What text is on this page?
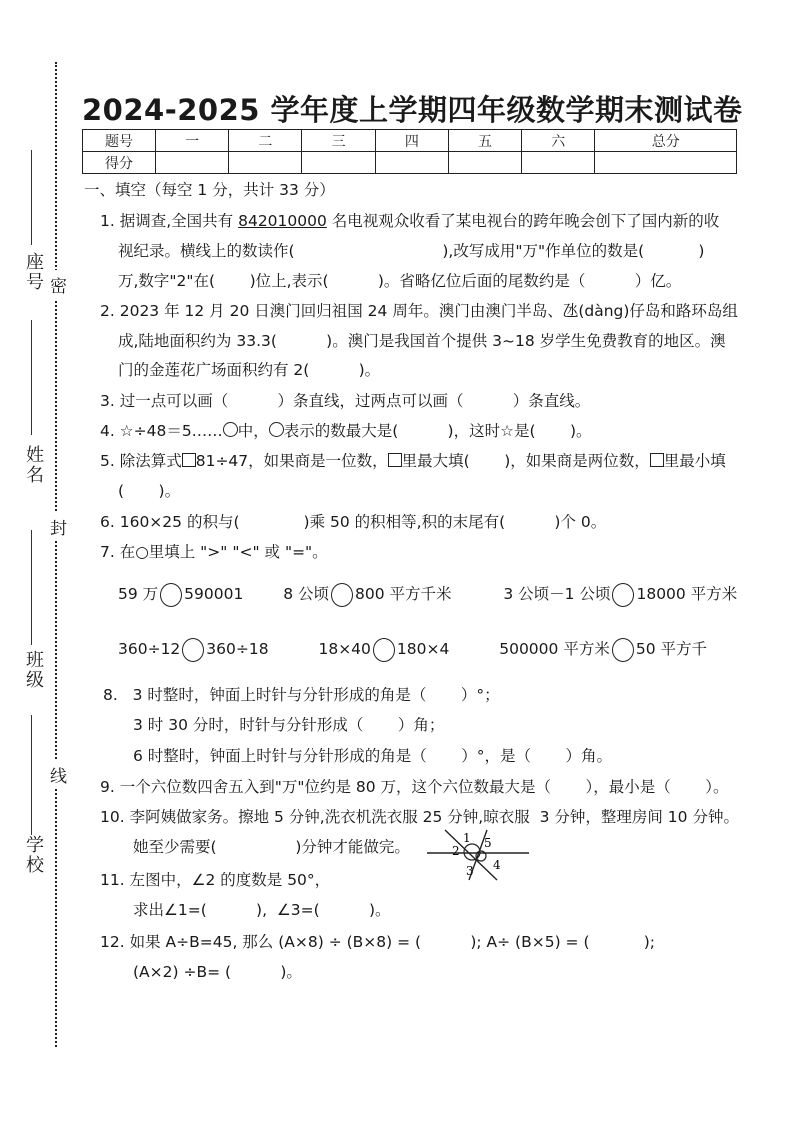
座号 密
姓名
封
班级
线
学校
2024-2025 学年度上学期四年级数学期末测试卷
题号	一	二	三	四	五	六	总分
得分							
一、填空（每空 1 分，共计 33 分）
1. 据调查,全国共有 842010000 名电视观众收看了某电视台的跨年晚会创下了国内新的收
视纪录。横线上的数读作(                              ),改写成用"万"作单位的数是(           )
万,数字"2"在(       )位上,表示(          )。省略亿位后面的尾数约是（          ）亿。
2. 2023 年 12 月 20 日澳门回归祖国 24 周年。澳门由澳门半岛、氹(dàng)仔岛和路环岛组
成,陆地面积约为 33.3(          )。澳门是我国首个提供 3~18 岁学生免费教育的地区。澳
门的金莲花广场面积约有 2(          )。
3. 过一点可以画（          ）条直线，过两点可以画（          ）条直线。
4. ☆÷48＝5…… 中， 表示的数最大是(          )，这时☆是(       )。
5. 除法算式 81÷47，如果商是一位数， 里最大填(       )，如果商是两位数， 里最小填
(       )。
6. 160×25 的积与(             )乘 50 的积相等,积的末尾有(          )个 0。
7. 在○里填上 ">" "<" 或 "="。
59 万 590001	8 公顷 800 平方千米	3 公顷－1 公顷 18000 平方米
360÷12 360÷18	18×40 180×4	500000 平方米 50 平方千
8.   3 时整时，钟面上时针与分针形成的角是（       ）°；
3 时 30 分时，时针与分针形成（       ）角；
6 时整时，钟面上时针与分针形成的角是（       ）°，是（       ）角。
9. 一个六位数四舍五入到"万"位约是 80 万，这个六位数最大是（       ），最小是（       ）。
10. 李阿姨做家务。擦地 5 分钟,洗衣机洗衣服 25 分钟,晾衣服  3 分钟，整理房间 10 分钟。
她至少需要(                )分钟才能做完。
11. 左图中，∠2 的度数是 50°，
求出∠1=(          ),  ∠3=(          )。
1
2
3 4
5
12. 如果 A÷B=45, 那么 (A×8) ÷ (B×8) = (          ); A÷ (B×5) = (           );
(A×2) ÷B= (          )。
